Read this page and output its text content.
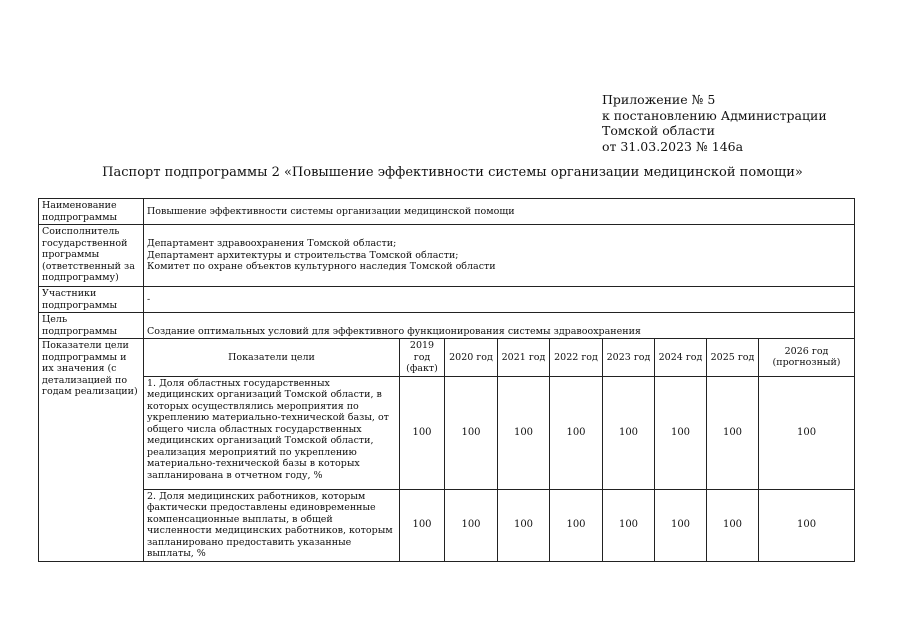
Приложение № 5
к постановлению Администрации
Томской области
от 31.03.2023 № 146а
Паспорт подпрограммы 2 «Повышение эффективности системы организации медицинской помощи»
Наименование подпрограммы	Повышение эффективности системы организации медицинской помощи								
Соисполнитель государственной программы (ответственный за подпрограмму)	Департамент здравоохранения Томской области;
Департамент архитектуры и строительства Томской области;
Комитет по охране объектов культурного наследия Томской области								

Участники подпрограммы	-								
Цель подпрограммы	Создание оптимальных условий для эффективного функционирования системы здравоохранения								
Показатели цели подпрограммы и их значения (с детализацией по годам реализации)	Показатели цели	2019 год (факт)	2020 год	2021 год	2022 год	2023 год	2024 год	2025 год	2026 год (прогнозный)
	1. Доля областных государственных медицинских организаций Томской области, в которых осуществлялись мероприятия по укреплению материально-технической базы, от общего числа областных государственных медицинских организаций Томской области, реализация мероприятий по укреплению материально-технической базы в которых запланирована в отчетном году, %	100	100	100	100	100	100	100	100
	2. Доля медицинских работников, которым фактически предоставлены единовременные компенсационные выплаты, в общей численности медицинских работников, которым запланировано предоставить указанные выплаты, %	100	100	100	100	100	100	100	100
